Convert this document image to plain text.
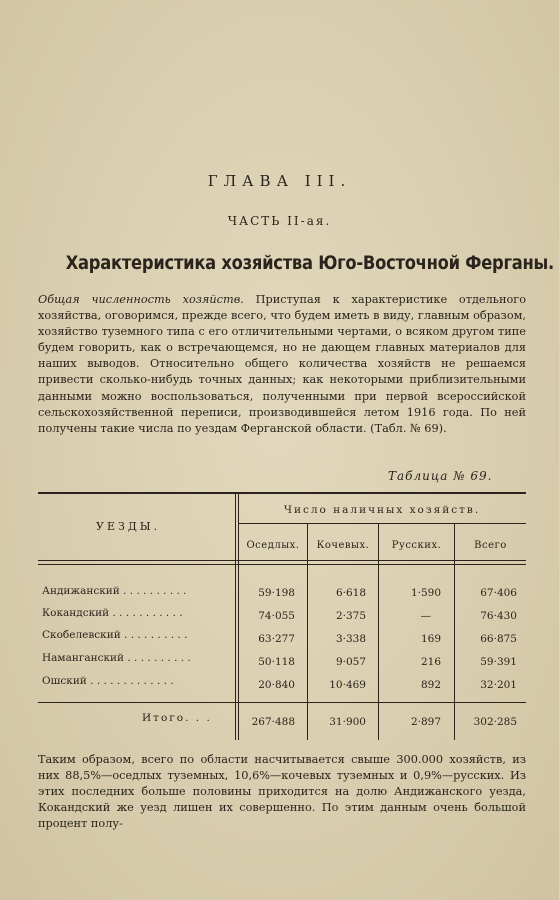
ГЛАВА III.
ЧАСТЬ II-ая.
Характеристика хозяйства Юго-Восточной Ферганы.
Общая численность хозяйств. Приступая к характеристике отдельного хозяйства, оговоримся, прежде всего, что будем иметь в виду, главным образом, хозяйство туземного типа с его отличительными чертами, о всяком другом типе будем говорить, как о встречающемся, но не дающем главных материалов для наших выводов. Относительно общего количества хозяйств не решаемся привести сколько-нибудь точных данных; как некоторыми приблизительными данными можно воспользоваться, полученными при первой всероссийской сельскохозяйственной переписи, производившейся летом 1916 года. По ней получены такие числа по уездам Ферганской области. (Табл. № 69).
Таблица № 69.
УЕЗДЫ.
Число наличных хозяйств.
Оседлых.	Кочевых.	Русских.	Всего
Андижанский . . . . . . . . . .	59·198	6·618	1·590	67·406
Кокандский . . . . . . . . . . .	74·055	2·375	—	76·430
Скобелевский . . . . . . . . . .	63·277	3·338	169	66·875
Наманганский . . . . . . . . . .	50·118	9·057	216	59·391
Ошский . . . . . . . . . . . . .	20·840	10·469	892	32·201
Итого. . .	267·488	31·900	2·897	302·285
Таким образом, всего по области насчитывается свыше 300.000 хозяйств, из них 88,5%—оседлых туземных, 10,6%—кочевых туземных и 0,9%—русских. Из этих последних больше половины приходится на долю Андижанского уезда, Кокандский же уезд лишен их совершенно. По этим данным очень большой процент полу-
